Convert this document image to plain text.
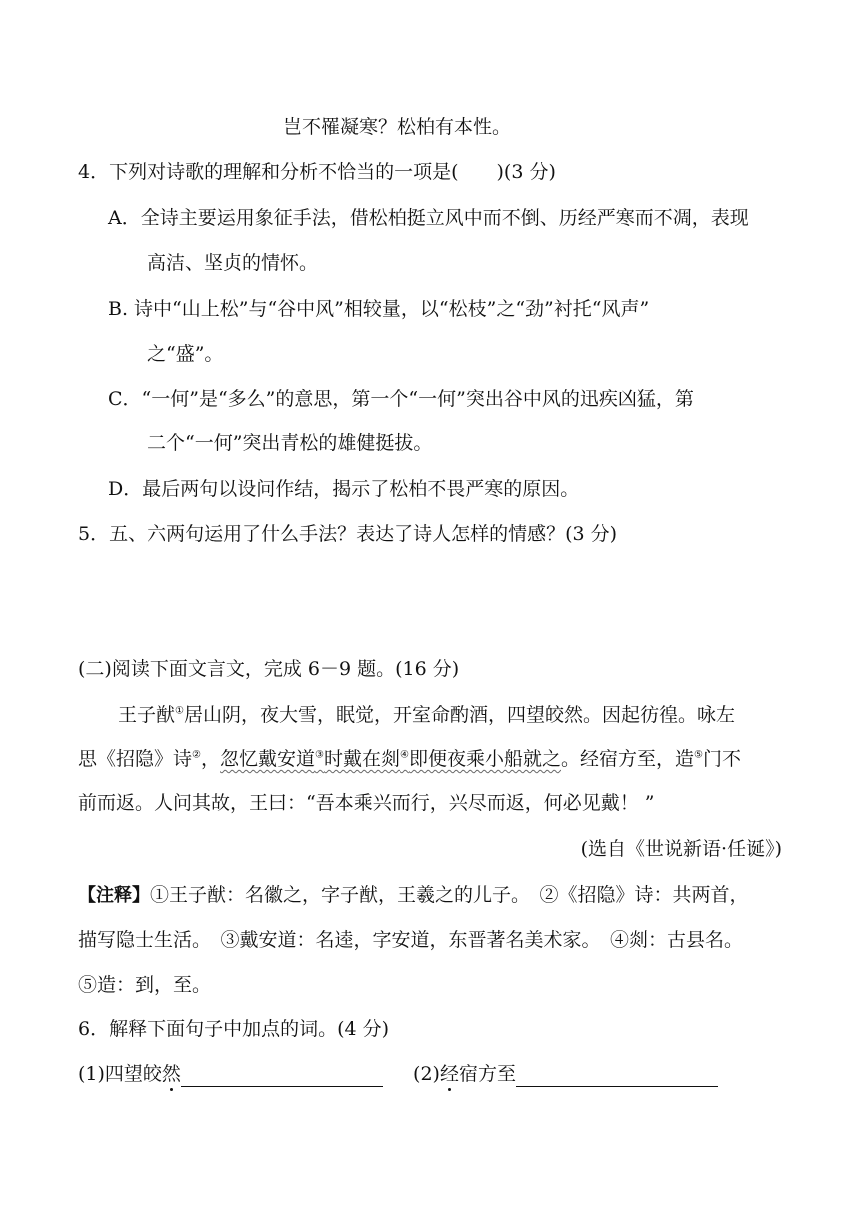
岂不罹凝寒？松柏有本性。
4．下列对诗歌的理解和分析不恰当的一项是(　　)(3 分)
A．全诗主要运用象征手法，借松柏挺立风中而不倒、历经严寒而不凋，表现
高洁、坚贞的情怀。
B. 诗中“山上松”与“谷中风”相较量，以“松枝”之“劲”衬托“风声”
之“盛”。
C．“一何”是“多么”的意思，第一个“一何”突出谷中风的迅疾凶猛，第
二个“一何”突出青松的雄健挺拔。
D．最后两句以设问作结，揭示了松柏不畏严寒的原因。
5．五、六两句运用了什么手法？表达了诗人怎样的情感？(3 分)
(二)阅读下面文言文，完成 6－9 题。(16 分)
王子猷①居山阴，夜大雪，眠觉，开室命酌酒，四望皎然。因起彷徨。咏左
思《招隐》诗②，忽忆戴安道③时戴在剡④即便夜乘小船就之。经宿方至，造⑤门不
前而返。人问其故，王曰：“吾本乘兴而行，兴尽而返，何必见戴！ ”
(选自《世说新语·任诞》)
【注释】①王子猷：名徽之，字子猷，王羲之的儿子。　②《招隐》诗：共两首，
描写隐士生活。　③戴安道：名逵，字安道，东晋著名美术家。　④剡：古县名。
⑤造：到，至。
6．解释下面句子中加点的词。(4 分)
(1)四望皎然	(2)经宿方至
